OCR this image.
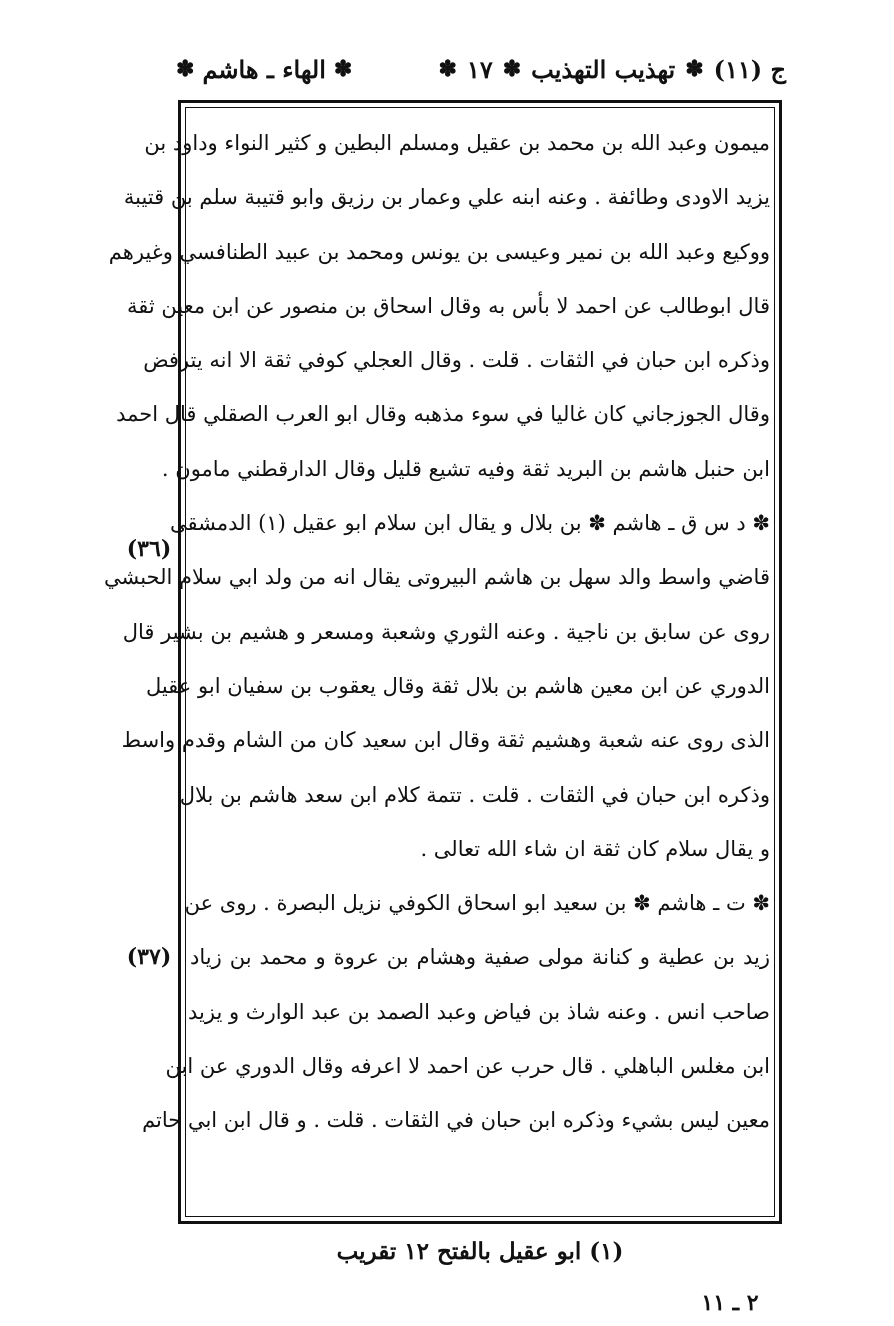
ج (١١)
✽
تهذيب التهذيب
✽
١٧
✽
✽
الهاء ـ هاشم
✽
ميمون وعبد الله بن محمد بن عقيل ومسلم البطين و كثير النواء وداود بن
يزيد الاودى وطائفة . وعنه ابنه علي وعمار بن رزيق وابو قتيبة سلم بن قتيبة
ووكيع وعبد الله بن نمير وعيسى بن يونس ومحمد بن عبيد الطنافسي وغيرهم
قال ابوطالب عن احمد لا بأس به وقال اسحاق بن منصور عن ابن معين ثقة
وذكره ابن حبان في الثقات . قلت . وقال العجلي كوفي ثقة الا انه يترفض
وقال الجوزجاني كان غاليا في سوء مذهبه وقال ابو العرب الصقلي قال احمد
ابن حنبل هاشم بن البريد ثقة وفيه تشيع قليل وقال الدارقطني مامون .
✽ د س ق ـ هاشم ✽ بن بلال و يقال ابن سلام ابو عقيل (١) الدمشقى
قاضي واسط والد سهل بن هاشم البيروتى يقال انه من ولد ابي سلام الحبشي
روى عن سابق بن ناجية . وعنه الثوري وشعبة ومسعر و هشيم بن بشير قال
الدوري عن ابن معين هاشم بن بلال ثقة وقال يعقوب بن سفيان ابو عقيل
الذى روى عنه شعبة وهشيم ثقة وقال ابن سعيد كان من الشام وقدم واسط
وذكره ابن حبان في الثقات . قلت . تتمة كلام ابن سعد هاشم بن بلال
و يقال سلام كان ثقة ان شاء الله تعالى .
✽ ت ـ هاشم ✽ بن سعيد ابو اسحاق الكوفي نزيل البصرة . روى عن
زيد بن عطية و كنانة مولى صفية وهشام بن عروة و محمد بن زياد
صاحب انس . وعنه شاذ بن فياض وعبد الصمد بن عبد الوارث و يزيد
ابن مغلس الباهلي . قال حرب عن احمد لا اعرفه وقال الدوري عن ابن
معين ليس بشيء وذكره ابن حبان في الثقات . قلت . و قال ابن ابي حاتم
(٣٦)
(٣٧)
(١) ابو عقيل بالفتح ١٢ تقريب
٢ ـ ١١
